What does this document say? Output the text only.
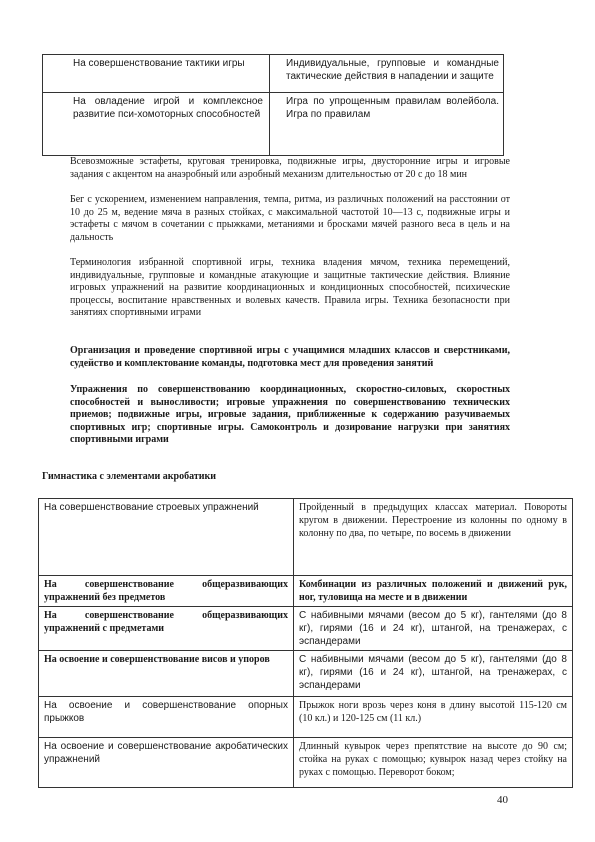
На совершенствование тактики игры	Индивидуальные, групповые и командные тактические действия в нападении и защите
На овладение игрой и комплексное развитие пси-хомоторных способностей	Игра по упрощенным правилам волейбола. Игра по правилам
Всевозможные эстафеты, круговая тренировка, подвижные игры, двусторонние игры и игровые задания с акцентом на анаэробный или аэробный механизм длительностью от 20 с до 18 мин
Бег с ускорением, изменением направления, темпа, ритма, из различных положений на расстоянии от 10 до 25 м, ведение мяча в разных стойках, с максимальной частотой 10—13 с, подвижные игры и эстафеты с мячом в сочетании с прыжками, метаниями и бросками мячей разного веса в цель и на дальность
Терминология избранной спортивной игры, техника владения мячом, техника перемещений, индивидуальные, групповые и командные атакующие и защитные тактические действия. Влияние игровых упражнений на развитие координационных и кондиционных способностей, психические процессы, воспитание нравственных и волевых качеств. Правила игры. Техника безопасности при занятиях спортивными играми
Организация и проведение спортивной игры с учащимися младших классов и сверстниками, судейство и комплектование команды, подготовка мест для проведения занятий
Упражнения по совершенствованию координационных, скоростно-силовых, скоростных способностей и выносливости; игровые упражнения по совершенствованию технических приемов; подвижные игры, игровые задания, приближенные к содержанию разучиваемых спортивных игр; спортивные игры. Самоконтроль и дозирование нагрузки при занятиях спортивными играми
Гимнастика с элементами акробатики
На совершенствование строевых упражнений	Пройденный в предыдущих классах материал. Повороты кругом в движении. Перестроение из колонны по одному в колонну по два, по четыре, по восемь в движении
На совершенствование общеразвивающих упражнений без предметов	Комбинации из различных положений и движений рук, ног, туловища на месте и в движении
На совершенствование общеразвивающих упражнений с предметами	С набивными мячами (весом до 5 кг), гантелями (до 8 кг), гирями (16 и 24 кг), штангой, на тренажерах, с эспандерами
На освоение и совершенствование висов и упоров	С набивными мячами (весом до 5 кг), гантелями (до 8 кг), гирями (16 и 24 кг), штангой, на тренажерах, с эспандерами
На освоение и совершенствование опорных прыжков	Прыжок ноги врозь через коня в длину высотой 115-120 см (10 кл.) и 120-125 см (11 кл.)
На освоение и совершенствование акробатических упражнений	Длинный кувырок через препятствие на высоте до 90 см; стойка на руках с помощью; кувырок назад через стойку на руках с помощью. Переворот боком;
40
